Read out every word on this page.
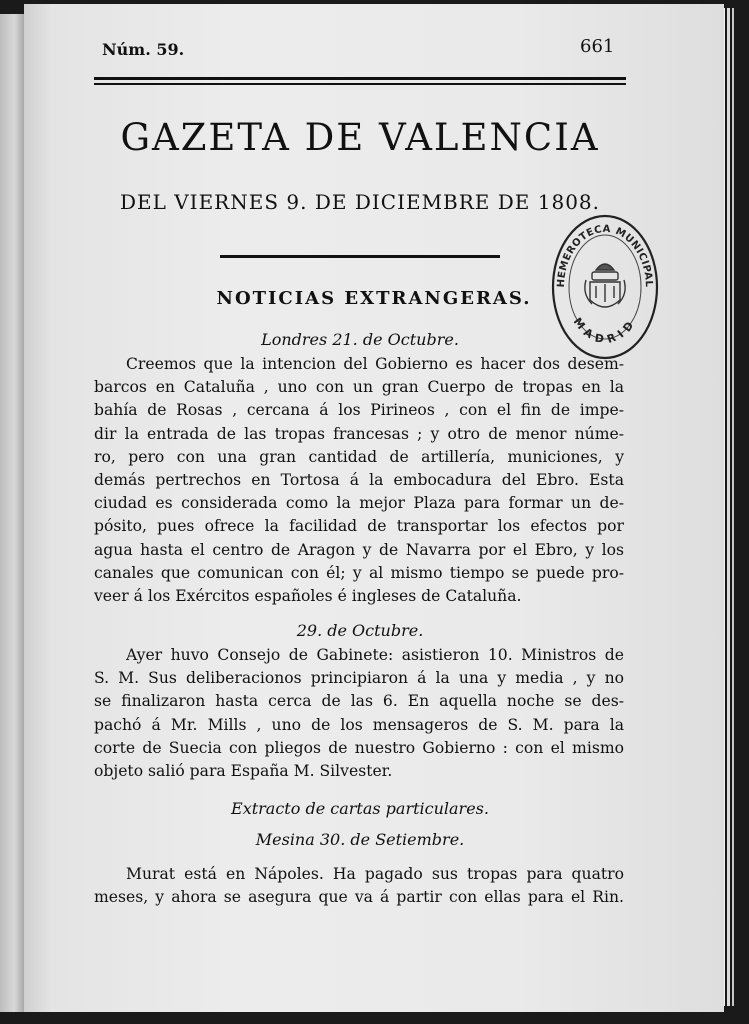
Núm. 59.	661
GAZETA DE VALENCIA
DEL VIERNES 9. DE DICIEMBRE DE 1808.
HEMEROTECA MUNICIPAL
MADRID
NOTICIAS EXTRANGERAS.
Londres 21. de Octubre.
Creemos que la intencion del Gobierno es hacer dos desem-
barcos en Cataluña , uno con un gran Cuerpo de tropas en la
bahía de Rosas , cercana á los Pirineos , con el fin de impe-
dir la entrada de las tropas francesas ; y otro de menor núme-
ro, pero con una gran cantidad de artillería, municiones, y
demás pertrechos en Tortosa á la embocadura del Ebro. Esta
ciudad es considerada como la mejor Plaza para formar un de-
pósito, pues ofrece la facilidad de transportar los efectos por
agua hasta el centro de Aragon y de Navarra por el Ebro, y los
canales que comunican con él; y al mismo tiempo se puede pro-
veer á los Exércitos españoles é ingleses de Cataluña.
29. de Octubre.
Ayer huvo Consejo de Gabinete: asistieron 10. Ministros de
S. M. Sus deliberacionos principiaron á la una y media , y no
se finalizaron hasta cerca de las 6. En aquella noche se des-
pachó á Mr. Mills , uno de los mensageros de S. M. para la
corte de Suecia con pliegos de nuestro Gobierno : con el mismo
objeto salió para España M. Silvester.
Extracto de cartas particulares.
Mesina 30. de Setiembre.
Murat está en Nápoles. Ha pagado sus tropas para quatro
meses, y ahora se asegura que va á partir con ellas para el Rin.
